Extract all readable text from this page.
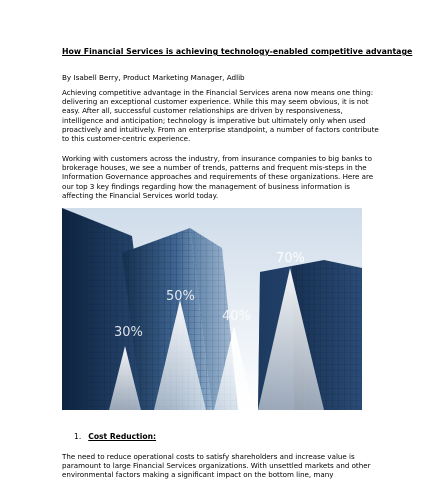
How Financial Services is achieving technology-enabled competitive advantage
By Isabell Berry, Product Marketing Manager, Adlib
Achieving competitive advantage in the Financial Services arena now means one thing: delivering an exceptional customer experience. While this may seem obvious, it is not easy. After all, successful customer relationships are driven by responsiveness, intelligence and anticipation; technology is imperative but ultimately only when used proactively and intuitively. From an enterprise standpoint, a number of factors contribute to this customer-centric experience.
Working with customers across the industry, from insurance companies to big banks to brokerage houses, we see a number of trends, patterns and frequent mis-steps in the Information Governance approaches and requirements of these organizations. Here are our top 3 key findings regarding how the management of business information is affecting the Financial Services world today.
30%
50%
40%
70%
1. Cost Reduction:
The need to reduce operational costs to satisfy shareholders and increase value is paramount to large Financial Services organizations. With unsettled markets and other environmental factors making a significant impact on the bottom line, many
